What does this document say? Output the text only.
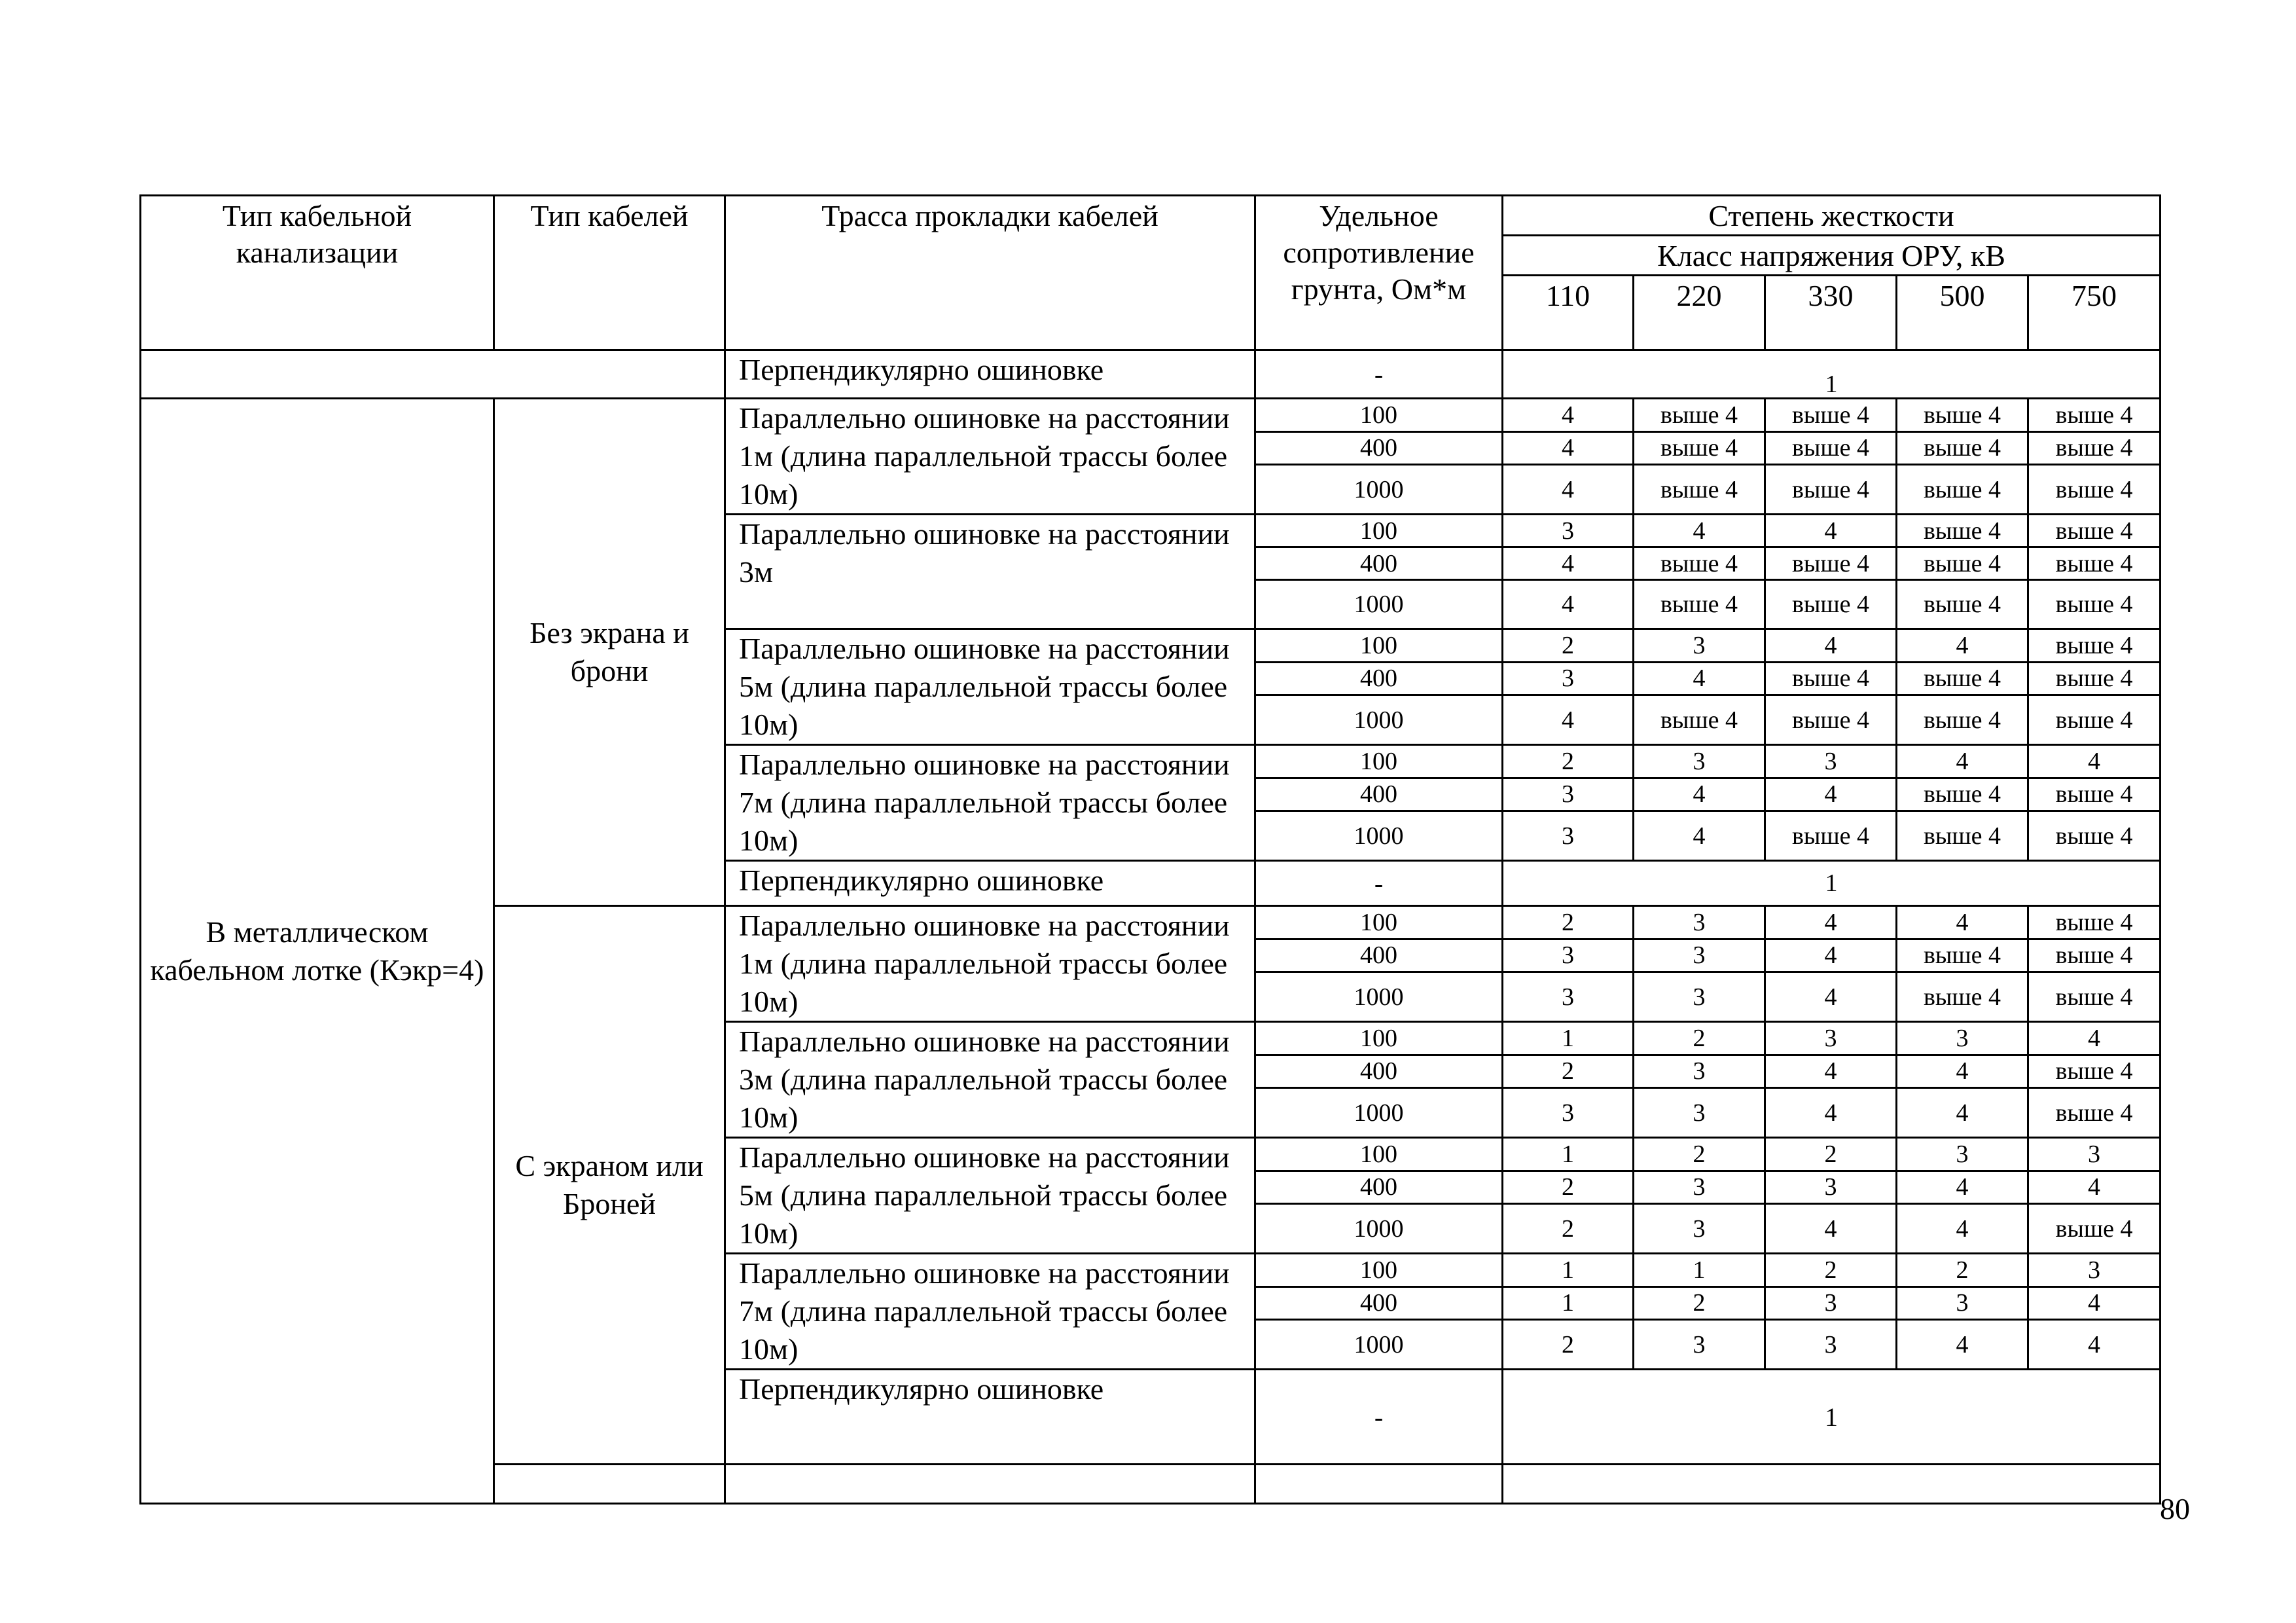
Тип кабельной канализации	Тип кабелей	Трасса прокладки кабелей	Удельное сопротивление грунта, Ом*м	Степень жесткости				
				Класс напряжения ОРУ, кВ				
				110	220	330	500	750
		Перпендикулярно ошиновке	-	1				
В металлическом кабельном лотке (Кэкр=4)	Без экрана и брони	Параллельно ошиновке на расстоянии 1м (длина параллельной трассы более 10м)	100	4	выше 4	выше 4	выше 4	выше 4
			400	4	выше 4	выше 4	выше 4	выше 4
			1000	4	выше 4	выше 4	выше 4	выше 4
		Параллельно ошиновке на расстоянии 3м	100	3	4	4	выше 4	выше 4
			400	4	выше 4	выше 4	выше 4	выше 4
			1000	4	выше 4	выше 4	выше 4	выше 4
		Параллельно ошиновке на расстоянии 5м (длина параллельной трассы более 10м)	100	2	3	4	4	выше 4
			400	3	4	выше 4	выше 4	выше 4
			1000	4	выше 4	выше 4	выше 4	выше 4
		Параллельно ошиновке на расстоянии 7м (длина параллельной трассы более 10м)	100	2	3	3	4	4
			400	3	4	4	выше 4	выше 4
			1000	3	4	выше 4	выше 4	выше 4
		Перпендикулярно ошиновке	-	1				
	С экраном или Броней	Параллельно ошиновке на расстоянии 1м (длина параллельной трассы более 10м)	100	2	3	4	4	выше 4
			400	3	3	4	выше 4	выше 4
			1000	3	3	4	выше 4	выше 4
		Параллельно ошиновке на расстоянии 3м (длина параллельной трассы более 10м)	100	1	2	3	3	4
			400	2	3	4	4	выше 4
			1000	3	3	4	4	выше 4
		Параллельно ошиновке на расстоянии 5м (длина параллельной трассы более 10м)	100	1	2	2	3	3
			400	2	3	3	4	4
			1000	2	3	4	4	выше 4
		Параллельно ошиновке на расстоянии 7м (длина параллельной трассы более 10м)	100	1	1	2	2	3
			400	1	2	3	3	4
			1000	2	3	3	4	4
		Перпендикулярно ошиновке	-	1				

80
